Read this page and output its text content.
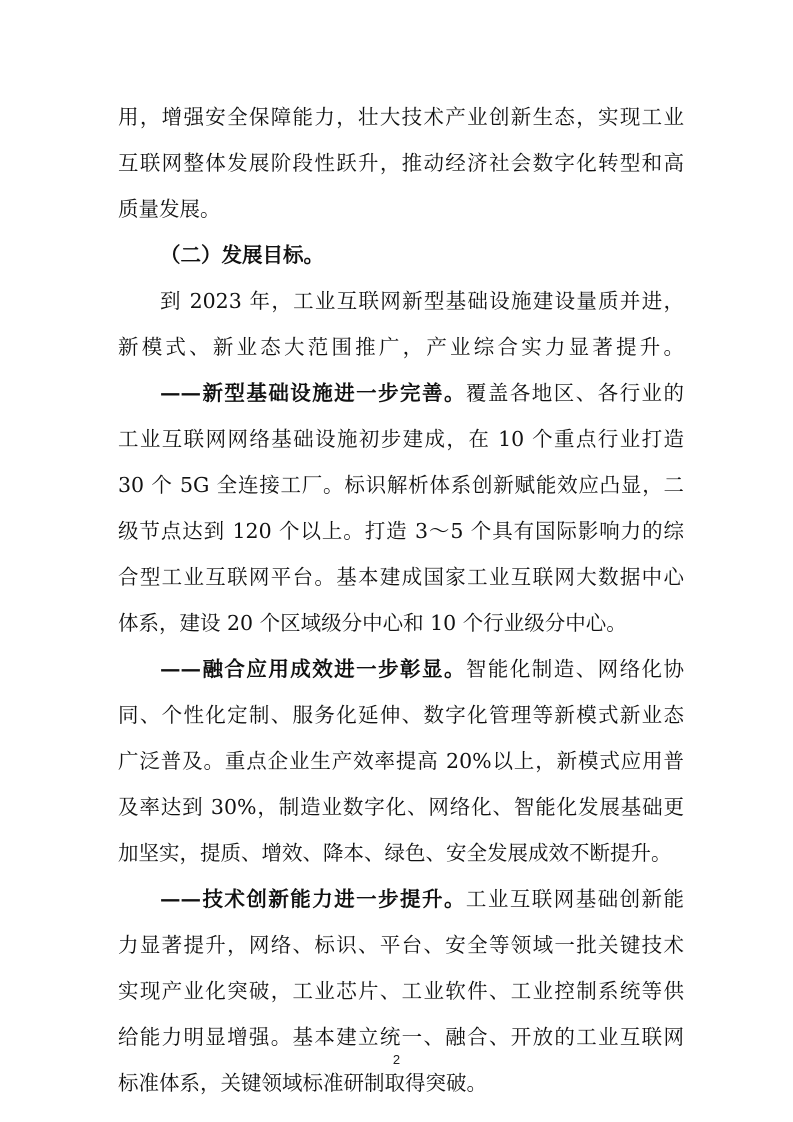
用，增强安全保障能力，壮大技术产业创新生态，实现工业
互联网整体发展阶段性跃升，推动经济社会数字化转型和高
质量发展。
（二）发展目标。
到 2023 年，工业互联网新型基础设施建设量质并进，
新模式、新业态大范围推广，产业综合实力显著提升。
——新型基础设施进一步完善。覆盖各地区、各行业的
工业互联网网络基础设施初步建成，在 10 个重点行业打造
30 个 5G 全连接工厂。标识解析体系创新赋能效应凸显，二
级节点达到 120 个以上。打造 3～5 个具有国际影响力的综
合型工业互联网平台。基本建成国家工业互联网大数据中心
体系，建设 20 个区域级分中心和 10 个行业级分中心。
——融合应用成效进一步彰显。智能化制造、网络化协
同、个性化定制、服务化延伸、数字化管理等新模式新业态
广泛普及。重点企业生产效率提高 20%以上，新模式应用普
及率达到 30%，制造业数字化、网络化、智能化发展基础更
加坚实，提质、增效、降本、绿色、安全发展成效不断提升。
——技术创新能力进一步提升。工业互联网基础创新能
力显著提升，网络、标识、平台、安全等领域一批关键技术
实现产业化突破，工业芯片、工业软件、工业控制系统等供
给能力明显增强。基本建立统一、融合、开放的工业互联网
标准体系，关键领域标准研制取得突破。
2
